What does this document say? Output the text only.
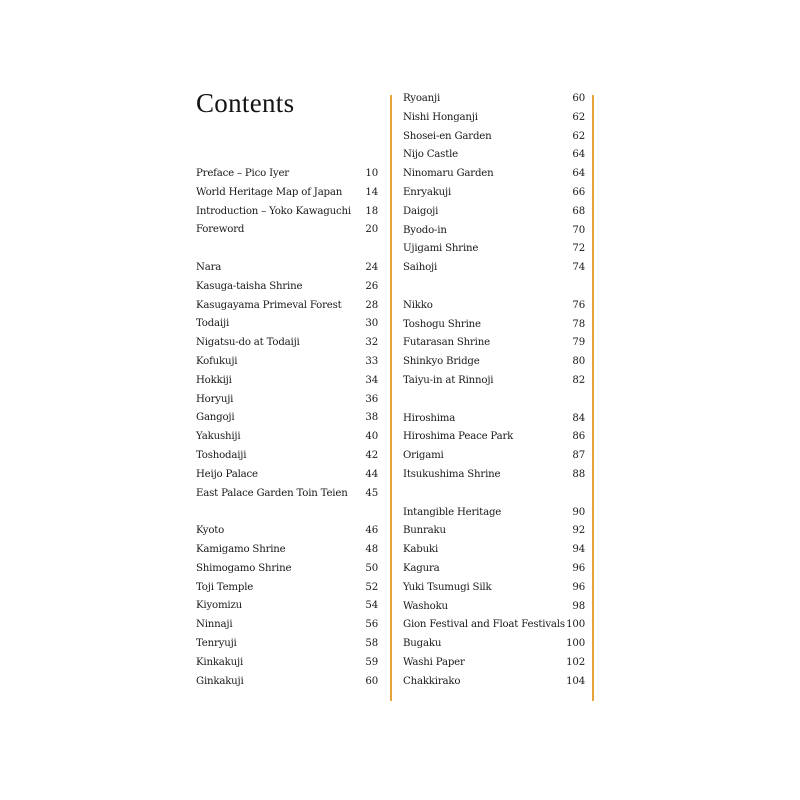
Contents
Preface – Pico Iyer	10
World Heritage Map of Japan 14
Introduction – Yoko Kawaguchi 18
Foreword	20
Nara	24
Kasuga-taisha Shrine	26
Kasugayama Primeval Forest 28
Todaiji	30
Nigatsu-do at Todaiji	32
Kofukuji	33
Hokkiji	34
Horyuji	36
Gangoji	38
Yakushiji	40
Toshodaiji	42
Heijo Palace	44
East Palace Garden Toin Teien 45
Kyoto	46
Kamigamo Shrine	48
Shimogamo Shrine	50
Toji Temple	52
Kiyomizu	54
Ninnaji	56
Tenryuji	58
Kinkakuji	59
Ginkakuji	60
Ryoanji	60
Nishi Honganji	62
Shosei-en Garden	62
Nijo Castle	64
Ninomaru Garden	64
Enryakuji	66
Daigoji	68
Byodo-in	70
Ujigami Shrine	72
Saihoji	74
Nikko	76
Toshogu Shrine	78
Futarasan Shrine	79
Shinkyo Bridge	80
Taiyu-in at Rinnoji	82
Hiroshima	84
Hiroshima Peace Park	86
Origami	87
Itsukushima Shrine	88
Intangible Heritage	90
Bunraku	92
Kabuki	94
Kagura	96
Yuki Tsumugi Silk	96
Washoku	98
Gion Festival and Float Festivals 100
Bugaku	100
Washi Paper	102
Chakkirako	104
